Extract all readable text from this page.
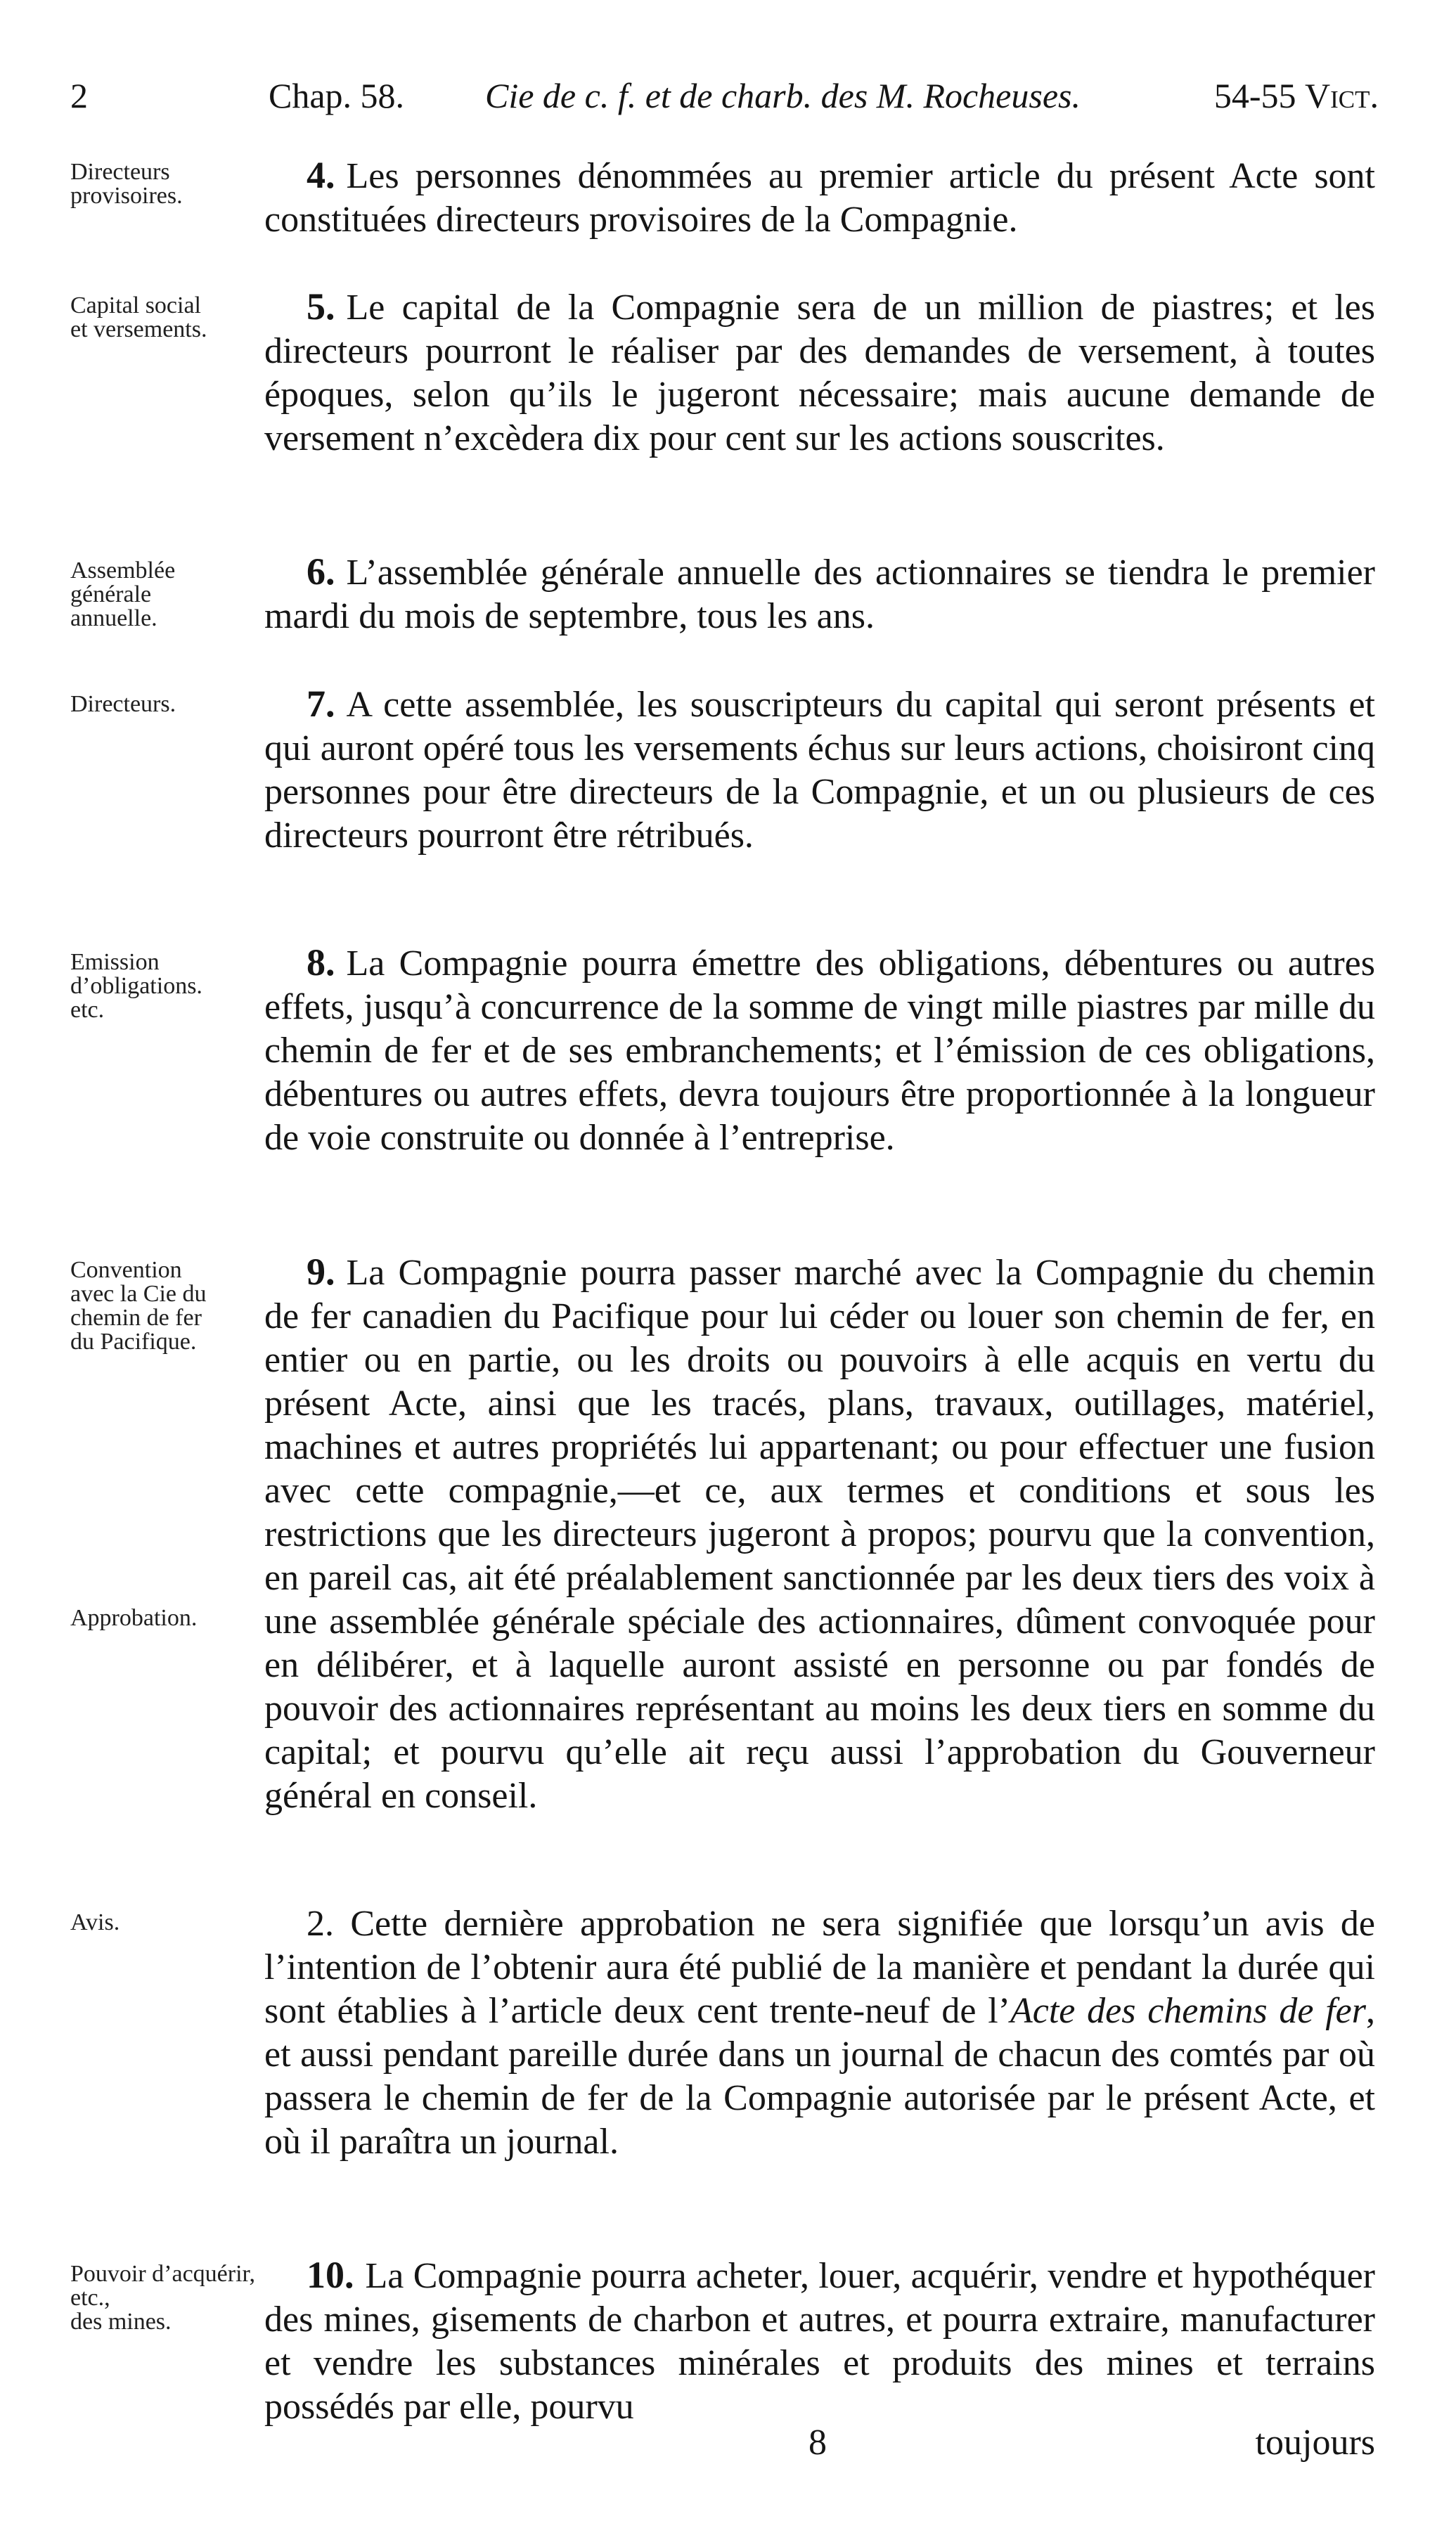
2	Chap. 58. Cie de c. f. et de charb. des M. Rocheuses.	54-55 Vict.
Directeurs
provisoires.	4. Les personnes dénommées au premier article du présent Acte sont constituées directeurs provisoires de la Compagnie.
Capital social
et versements.
5. Le capital de la Compagnie sera de un million de piastres; et les directeurs pourront le réaliser par des demandes de versement, à toutes époques, selon qu’ils le jugeront nécessaire; mais aucune demande de versement n’excèdera dix pour cent sur les actions souscrites.
Assemblée
générale
annuelle.
6. L’assemblée générale annuelle des actionnaires se tiendra le premier mardi du mois de septembre, tous les ans.
Directeurs.	7. A cette assemblée, les souscripteurs du capital qui seront présents et qui auront opéré tous les versements échus sur leurs actions, choisiront cinq personnes pour être directeurs de la Compagnie, et un ou plusieurs de ces directeurs pourront être rétribués.
Emission
d’obligations.
etc.
8. La Compagnie pourra émettre des obligations, débentures ou autres effets, jusqu’à concurrence de la somme de vingt mille piastres par mille du chemin de fer et de ses embranchements; et l’émission de ces obligations, débentures ou autres effets, devra toujours être proportionnée à la longueur de voie construite ou donnée à l’entreprise.
Convention
avec la Cie du
chemin de fer
du Pacifique.
9. La Compagnie pourra passer marché avec la Compagnie du chemin de fer canadien du Pacifique pour lui céder ou louer son chemin de fer, en entier ou en partie, ou les droits ou pouvoirs à elle acquis en vertu du présent Acte, ainsi que les tracés, plans, travaux, outillages, matériel, machines et autres propriétés lui appartenant; ou pour effectuer une fusion avec cette compagnie,—et ce, aux termes et conditions et sous les restrictions que les directeurs jugeront à propos; pourvu que la convention, en pareil cas, ait été préalablement sanctionnée par les deux tiers des voix à une assemblée générale spéciale des actionnaires, dûment convoquée pour en délibérer, et à laquelle auront assisté en personne ou par fondés de pouvoir des actionnaires représentant au moins les deux tiers en somme du capital; et pourvu qu’elle ait reçu aussi l’approbation du Gouverneur général en conseil.
Approbation.
Avis.	2. Cette dernière approbation ne sera signifiée que lorsqu’un avis de l’intention de l’obtenir aura été publié de la manière et pendant la durée qui sont établies à l’article deux cent trente-neuf de l’Acte des chemins de fer, et aussi pendant pareille durée dans un journal de chacun des comtés par où passera le chemin de fer de la Compagnie autorisée par le présent Acte, et où il paraîtra un journal.
Pouvoir d’acquérir, etc.,
des mines.
10. La Compagnie pourra acheter, louer, acquérir, vendre et hypothéquer des mines, gisements de charbon et autres, et pourra extraire, manufacturer et vendre les substances minérales et produits des mines et terrains possédés par elle, pourvu
8	toujours
